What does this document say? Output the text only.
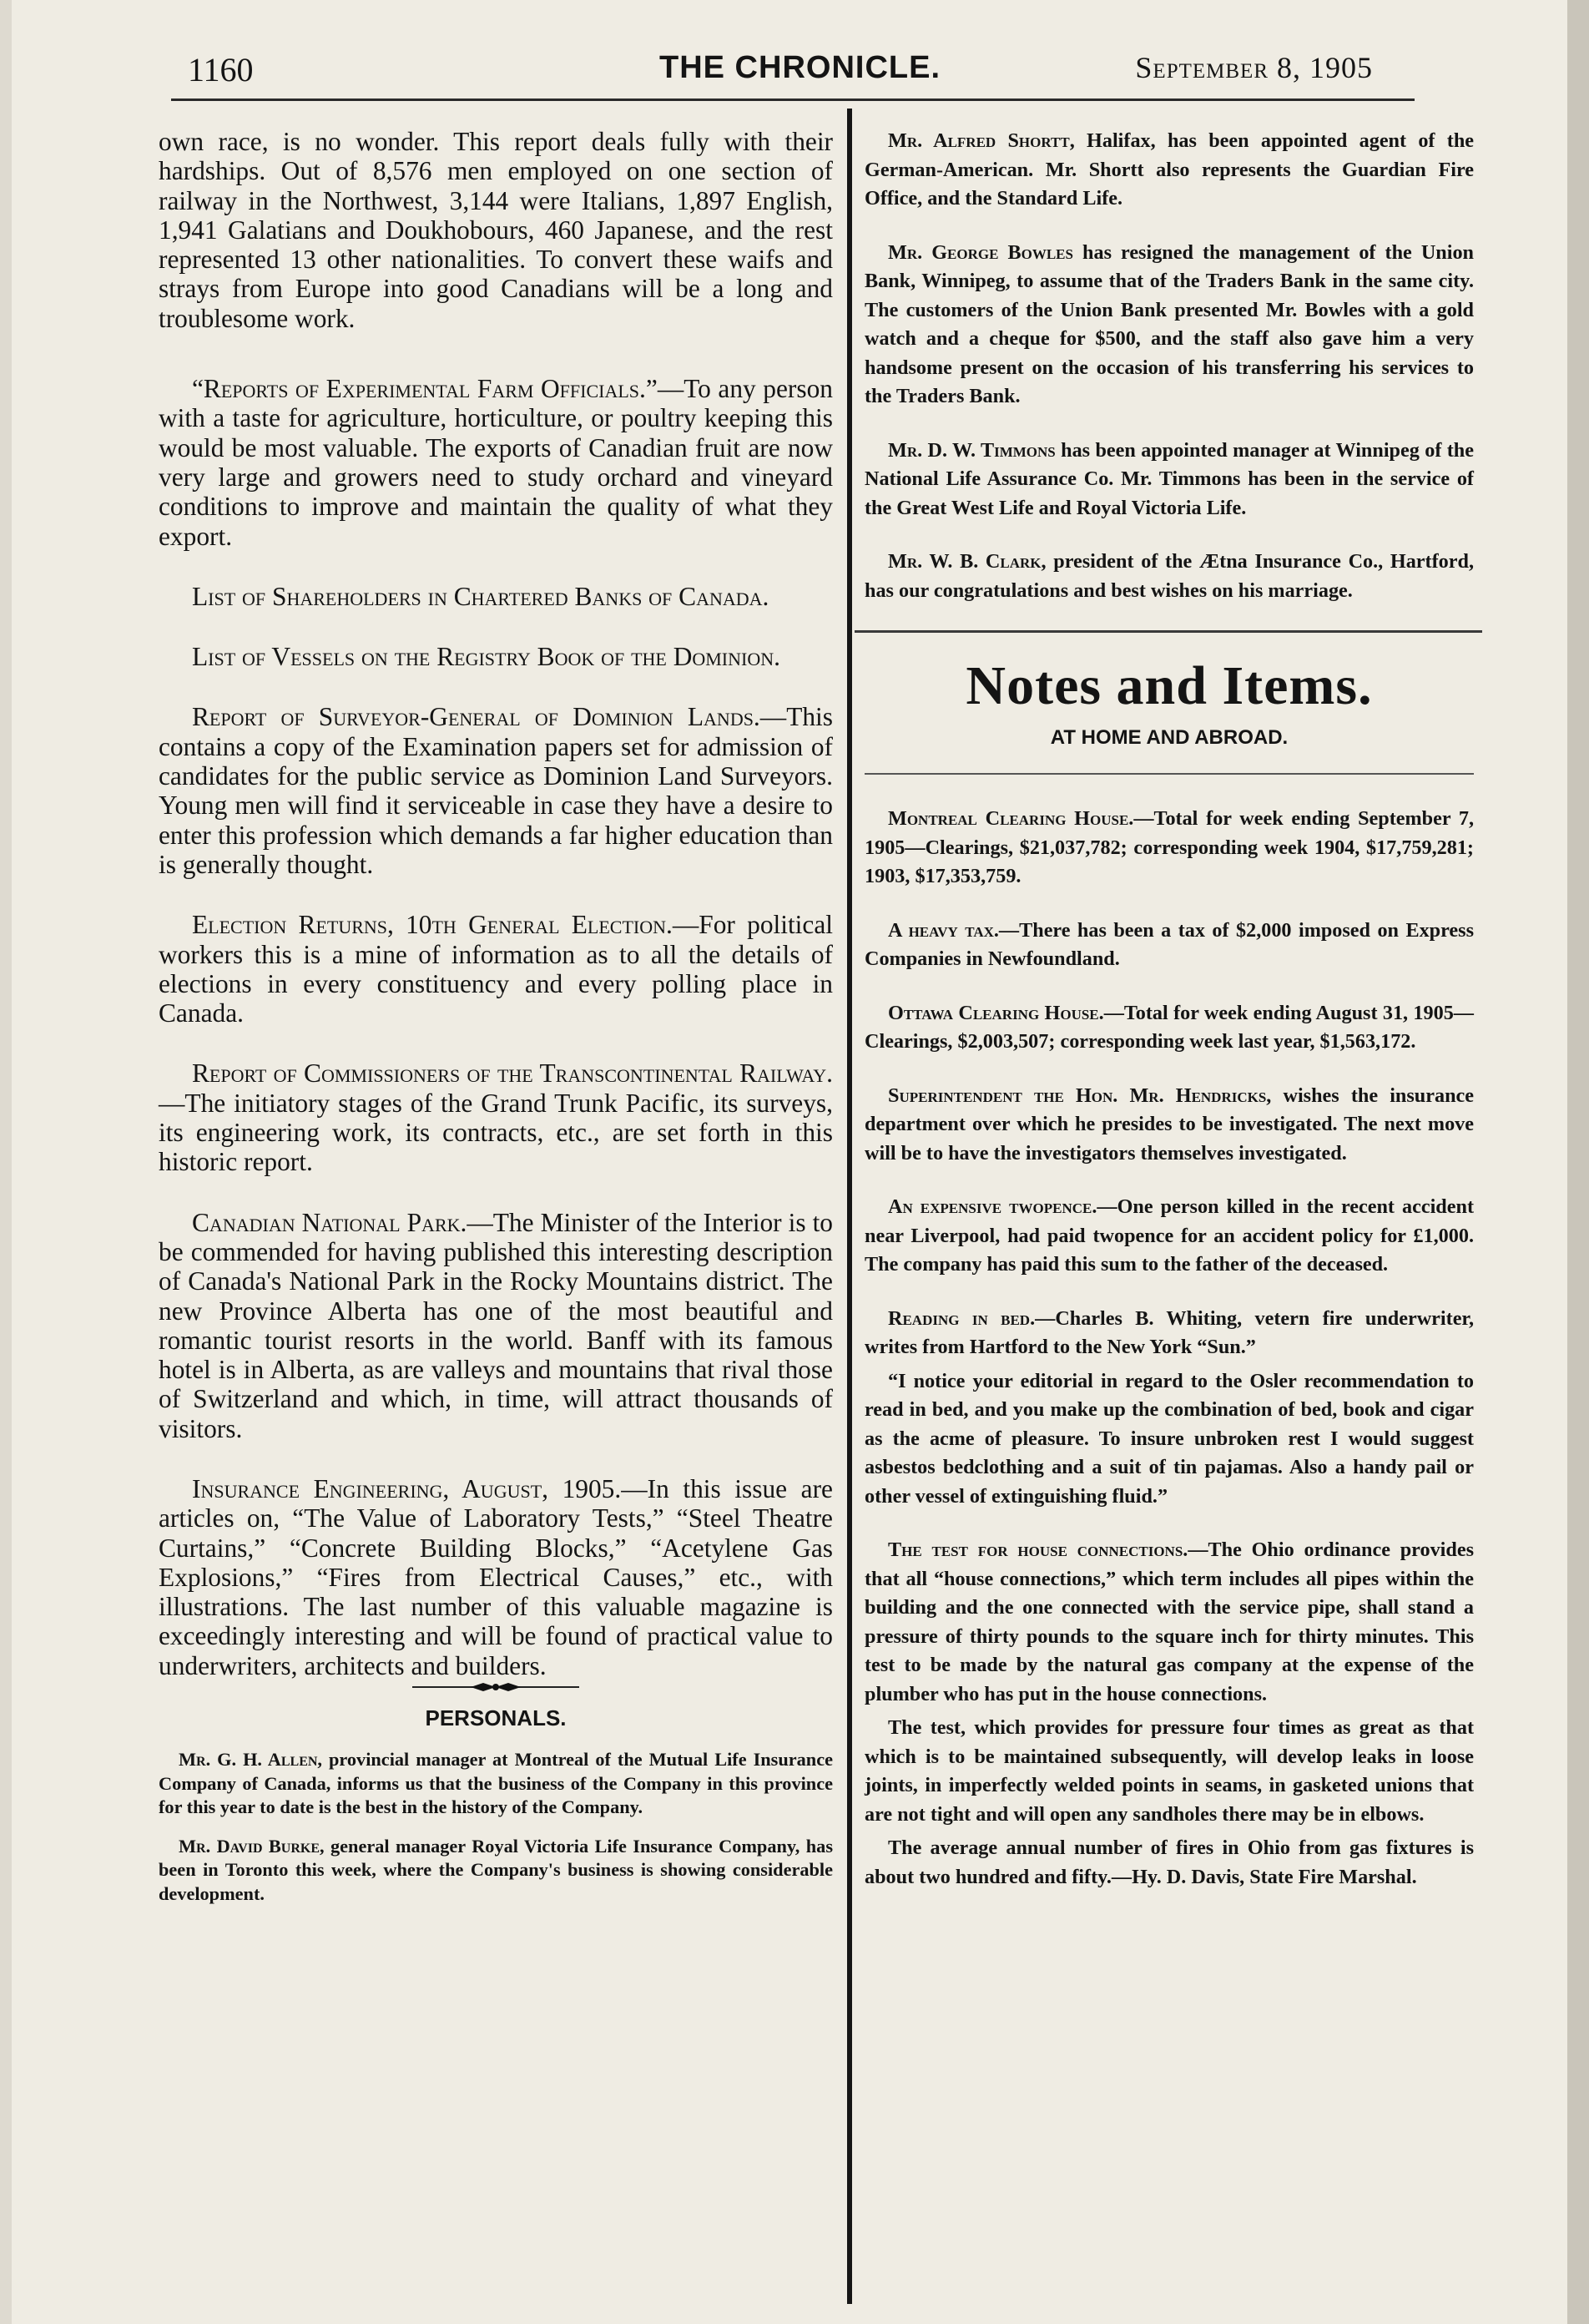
1160	THE CHRONICLE.	September 8, 1905

own race, is no wonder. This report deals fully with their hardships. Out of 8,576 men employed on one section of railway in the Northwest, 3,144 were Italians, 1,897 English, 1,941 Galatians and Doukhobours, 460 Japanese, and the rest represented 13 other nationalities. To convert these waifs and strays from Europe into good Canadians will be a long and troublesome work.

“Reports of Experimental Farm Officials.”—To any person with a taste for agriculture, horticulture, or poultry keeping this would be most valuable. The exports of Canadian fruit are now very large and growers need to study orchard and vineyard conditions to improve and maintain the quality of what they export.

List of Shareholders in Chartered Banks of Canada.

List of Vessels on the Registry Book of the Dominion.

Report of Surveyor-General of Dominion Lands.—This contains a copy of the Examination papers set for admission of candidates for the public service as Dominion Land Surveyors. Young men will find it serviceable in case they have a desire to enter this profession which demands a far higher education than is generally thought.

Election Returns, 10th General Election.—For political workers this is a mine of information as to all the details of elections in every constituency and every polling place in Canada.

Report of Commissioners of the Transcontinental Railway.—The initiatory stages of the Grand Trunk Pacific, its surveys, its engineering work, its contracts, etc., are set forth in this historic report.

Canadian National Park.—The Minister of the Interior is to be commended for having published this interesting description of Canada's National Park in the Rocky Mountains district. The new Province Alberta has one of the most beautiful and romantic tourist resorts in the world. Banff with its famous hotel is in Alberta, as are valleys and mountains that rival those of Switzerland and which, in time, will attract thousands of visitors.

Insurance Engineering, August, 1905.—In this issue are articles on, “The Value of Laboratory Tests,” “Steel Theatre Curtains,” “Concrete Building Blocks,” “Acetylene Gas Explosions,” “Fires from Electrical Causes,” etc., with illustrations. The last number of this valuable magazine is exceedingly interesting and will be found of practical value to underwriters, architects and builders.

PERSONALS.

Mr. G. H. Allen, provincial manager at Montreal of the Mutual Life Insurance Company of Canada, informs us that the business of the Company in this province for this year to date is the best in the history of the Company.

Mr. David Burke, general manager Royal Victoria Life Insurance Company, has been in Toronto this week, where the Company's business is showing considerable development.

Mr. Alfred Shortt, Halifax, has been appointed agent of the German-American. Mr. Shortt also represents the Guardian Fire Office, and the Standard Life.

Mr. George Bowles has resigned the management of the Union Bank, Winnipeg, to assume that of the Traders Bank in the same city. The customers of the Union Bank presented Mr. Bowles with a gold watch and a cheque for $500, and the staff also gave him a very handsome present on the occasion of his transferring his services to the Traders Bank.

Mr. D. W. Timmons has been appointed manager at Winnipeg of the National Life Assurance Co. Mr. Timmons has been in the service of the Great West Life and Royal Victoria Life.

Mr. W. B. Clark, president of the Ætna Insurance Co., Hartford, has our congratulations and best wishes on his marriage.

Notes and Items.
AT HOME AND ABROAD.

Montreal Clearing House.—Total for week ending September 7, 1905—Clearings, $21,037,782; corresponding week 1904, $17,759,281; 1903, $17,353,759.

A heavy tax.—There has been a tax of $2,000 imposed on Express Companies in Newfoundland.

Ottawa Clearing House.—Total for week ending August 31, 1905—Clearings, $2,003,507; corresponding week last year, $1,563,172.

Superintendent the Hon. Mr. Hendricks, wishes the insurance department over which he presides to be investigated. The next move will be to have the investigators themselves investigated.

An expensive twopence.—One person killed in the recent accident near Liverpool, had paid twopence for an accident policy for £1,000. The company has paid this sum to the father of the deceased.

Reading in bed.—Charles B. Whiting, vetern fire underwriter, writes from Hartford to the New York “Sun.”

“I notice your editorial in regard to the Osler recommendation to read in bed, and you make up the combination of bed, book and cigar as the acme of pleasure. To insure unbroken rest I would suggest asbestos bedclothing and a suit of tin pajamas. Also a handy pail or other vessel of extinguishing fluid.”

The test for house connections.—The Ohio ordinance provides that all “house connections,” which term includes all pipes within the building and the one connected with the service pipe, shall stand a pressure of thirty pounds to the square inch for thirty minutes. This test to be made by the natural gas company at the expense of the plumber who has put in the house connections.

The test, which provides for pressure four times as great as that which is to be maintained subsequently, will develop leaks in loose joints, in imperfectly welded points in seams, in gasketed unions that are not tight and will open any sandholes there may be in elbows.

The average annual number of fires in Ohio from gas fixtures is about two hundred and fifty.—Hy. D. Davis, State Fire Marshal.
